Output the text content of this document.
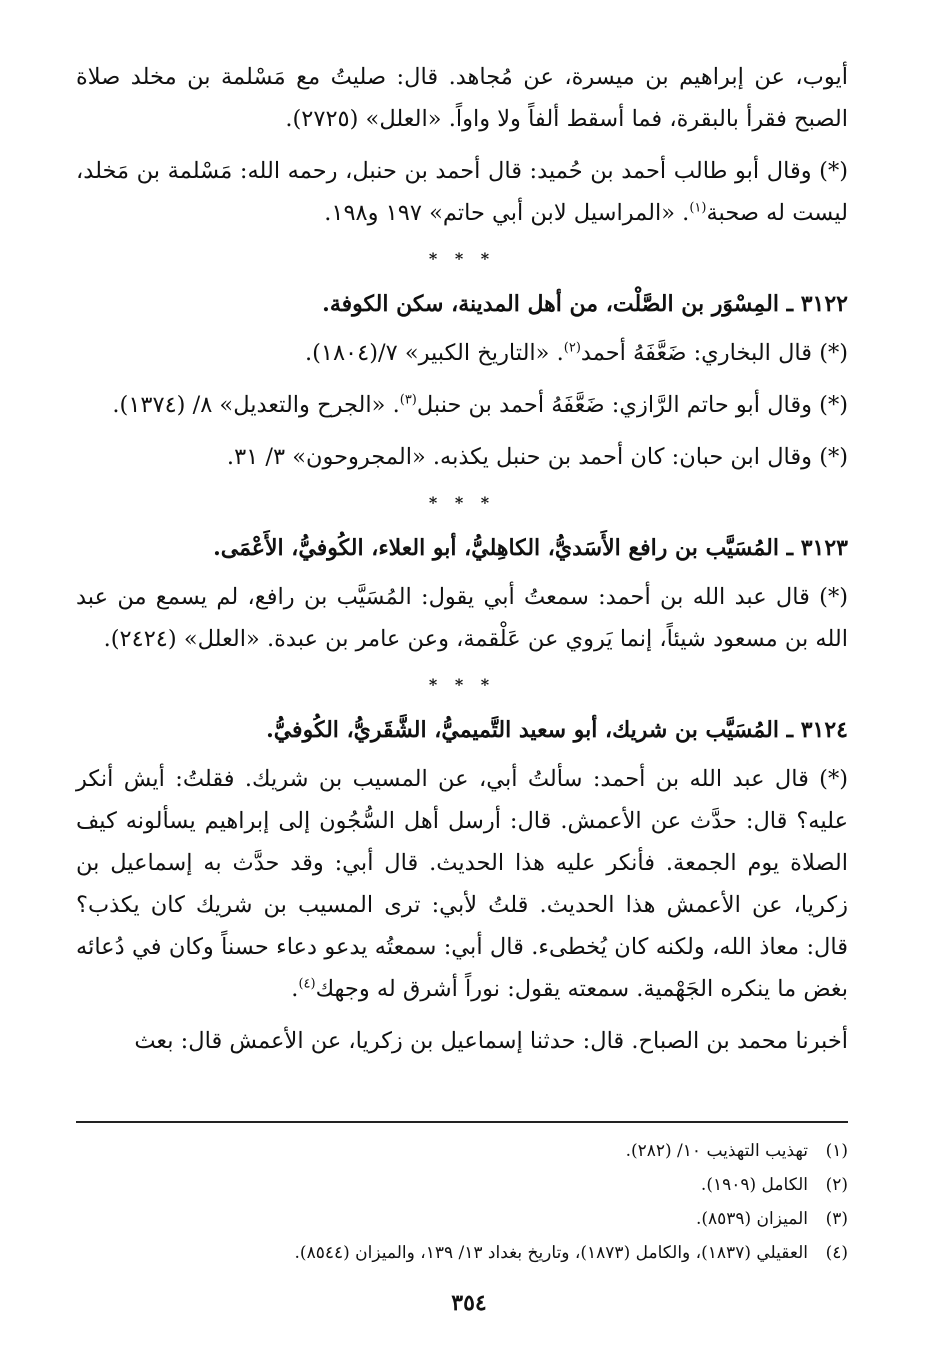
أيوب، عن إبراهيم بن ميسرة، عن مُجاهد. قال: صليتُ مع مَسْلمة بن مخلد صلاة الصبح فقرأ بالبقرة، فما أسقط ألفاً ولا واواً. «العلل» (٢٧٢٥).

(*) وقال أبو طالب أحمد بن حُميد: قال أحمد بن حنبل، رحمه الله: مَسْلمة بن مَخلد، ليست له صحبة$^{(١)}$. «المراسيل لابن أبي حاتم» ١٩٧ و١٩٨.

* * *
٣١٢٢ ـ المِسْوَر بن الصَّلْت، من أهل المدينة، سكن الكوفة.

(*) قال البخاري: ضَعَّفَهُ أحمد$^{(٢)}$. «التاريخ الكبير» ٧/(١٨٠٤).

(*) وقال أبو حاتم الرَّازي: ضَعَّفَهُ أحمد بن حنبل$^{(٣)}$. «الجرح والتعديل» ٨/ (١٣٧٤).

(*) وقال ابن حبان: كان أحمد بن حنبل يكذبه. «المجروحون» ٣/ ٣١.

* * *
٣١٢٣ ـ المُسَيَّب بن رافع الأَسَديُّ، الكاهِليُّ، أبو العلاء، الكُوفيُّ، الأَعْمَى.

(*) قال عبد الله بن أحمد: سمعتُ أبي يقول: المُسَيَّب بن رافع، لم يسمع من عبد الله بن مسعود شيئاً، إنما يَروي عن عَلْقمة، وعن عامر بن عبدة. «العلل» (٢٤٢٤).

* * *
٣١٢٤ ـ المُسَيَّب بن شريك، أبو سعيد التَّميميُّ، الشَّقَريُّ، الكُوفيُّ.

(*) قال عبد الله بن أحمد: سألتُ أبي، عن المسيب بن شريك. فقلتُ: أيش أنكر عليه؟ قال: حدَّث عن الأعمش. قال: أرسل أهل السُّجُون إلى إبراهيم يسألونه كيف الصلاة يوم الجمعة. فأنكر عليه هذا الحديث. قال أبي: وقد حدَّث به إسماعيل بن زكريا، عن الأعمش هذا الحديث. قلتُ لأبي: ترى المسيب بن شريك كان يكذب؟ قال: معاذ الله، ولكنه كان يُخطىء. قال أبي: سمعتُه يدعو دعاء حسناً وكان في دُعائه بغض ما ينكره الجَهْمية. سمعته يقول: نوراً أشرق له وجهك$^{(٤)}$.

أخبرنا محمد بن الصباح. قال: حدثنا إسماعيل بن زكريا، عن الأعمش قال: بعث

(١)تهذيب التهذيب ١٠/ (٢٨٢).

(٢)الكامل (١٩٠٩).

(٣)الميزان (٨٥٣٩).

(٤)العقيلي (١٨٣٧)، والكامل (١٨٧٣)، وتاريخ بغداد ١٣/ ١٣٩، والميزان (٨٥٤٤).

٣٥٤
